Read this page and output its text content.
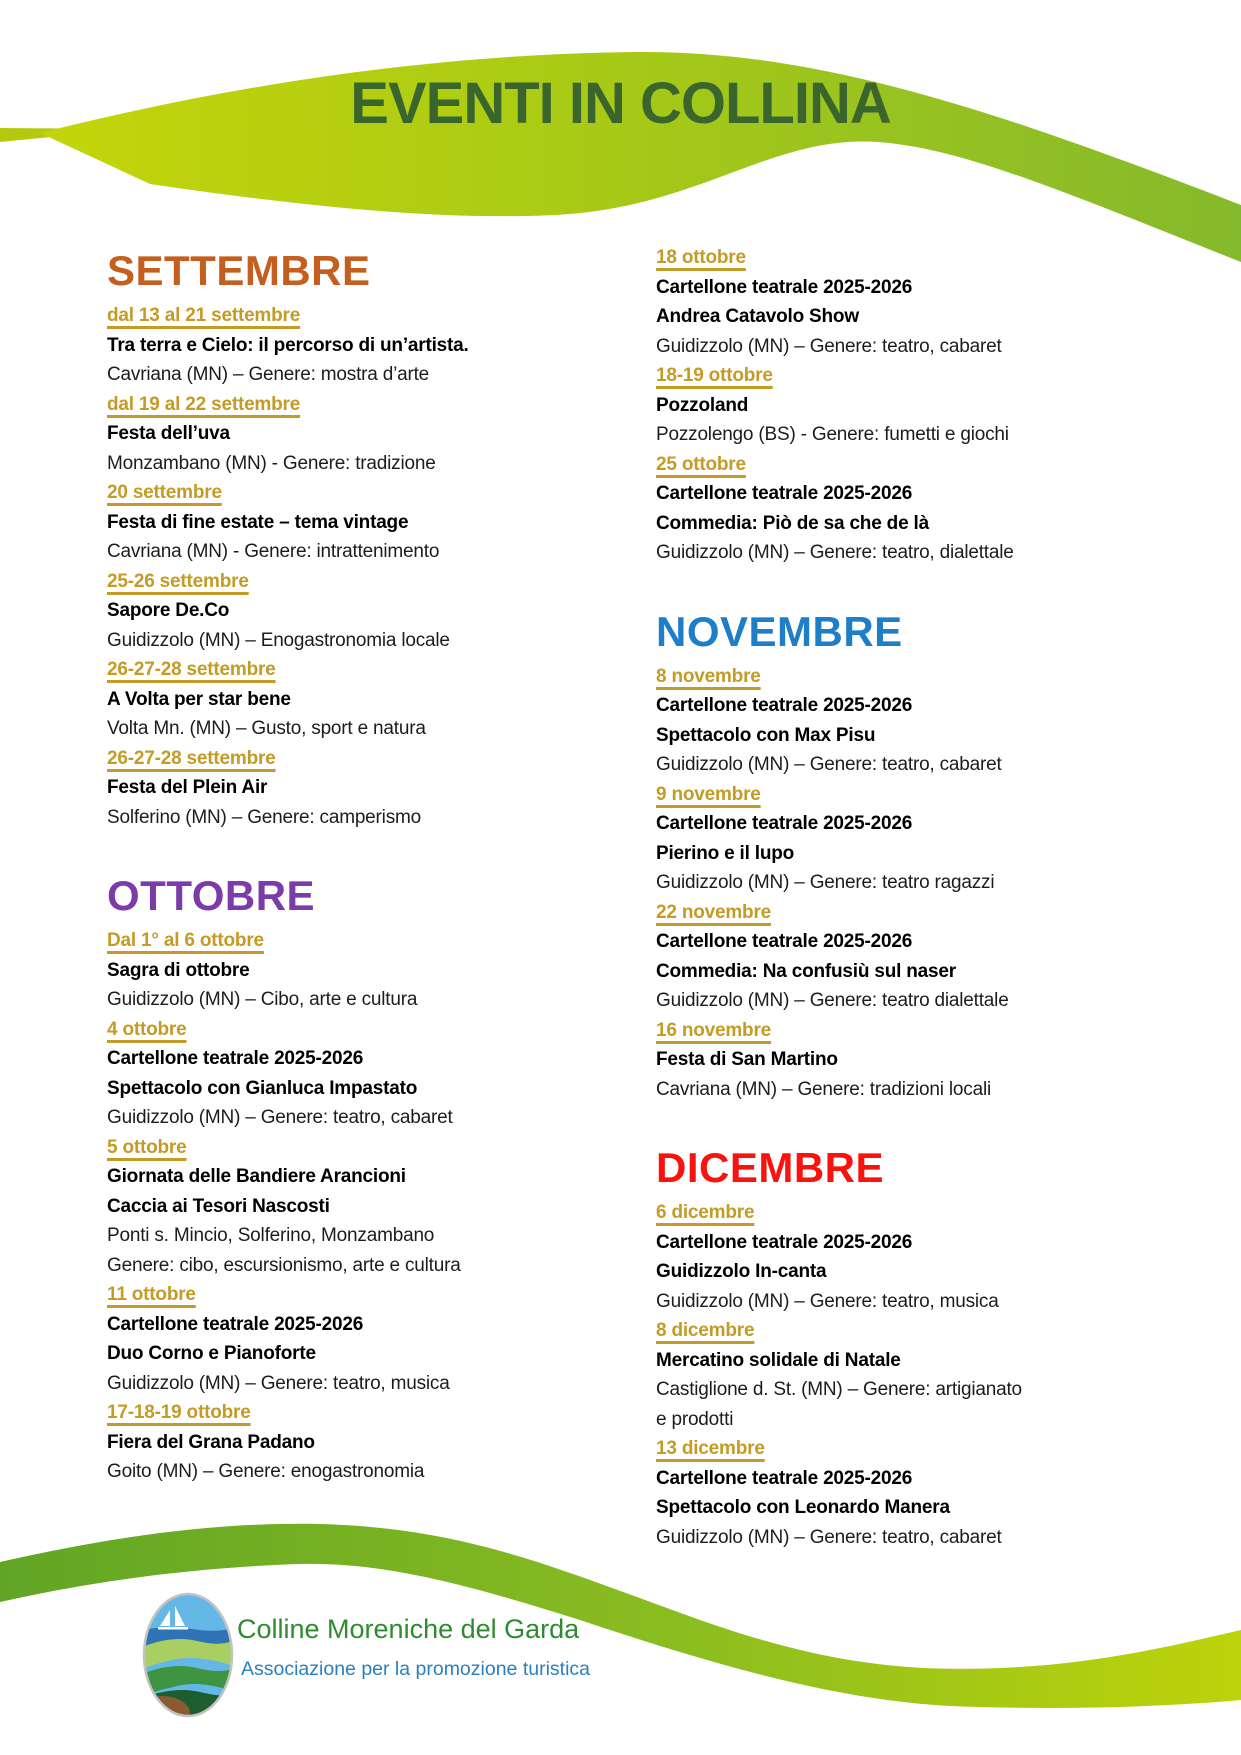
EVENTI IN COLLINA
SETTEMBRE
dal 13 al 21 settembre
Tra terra e Cielo: il percorso di un’artista.
Cavriana (MN) – Genere: mostra d’arte
dal 19 al 22 settembre
Festa dell’uva
Monzambano (MN) - Genere: tradizione
20 settembre
Festa di fine estate – tema vintage
Cavriana (MN) - Genere: intrattenimento
25-26 settembre
Sapore De.Co
Guidizzolo (MN) – Enogastronomia locale
26-27-28 settembre
A Volta per star bene
Volta Mn. (MN) – Gusto, sport e natura
26-27-28 settembre
Festa del Plein Air
Solferino (MN) – Genere: camperismo
OTTOBRE
Dal 1° al 6 ottobre
Sagra di ottobre
Guidizzolo (MN) – Cibo, arte e cultura
4 ottobre
Cartellone teatrale 2025-2026
Spettacolo con Gianluca Impastato
Guidizzolo (MN) – Genere: teatro, cabaret
5 ottobre
Giornata delle Bandiere Arancioni
Caccia ai Tesori Nascosti
Ponti s. Mincio, Solferino, Monzambano
Genere: cibo, escursionismo, arte e cultura
11 ottobre
Cartellone teatrale 2025-2026
Duo Corno e Pianoforte
Guidizzolo (MN) – Genere: teatro, musica
17-18-19 ottobre
Fiera del Grana Padano
Goito (MN) – Genere: enogastronomia
18 ottobre
Cartellone teatrale 2025-2026
Andrea Catavolo Show
Guidizzolo (MN) – Genere: teatro, cabaret
18-19 ottobre
Pozzoland
Pozzolengo (BS) - Genere: fumetti e giochi
25 ottobre
Cartellone teatrale 2025-2026
Commedia: Piò de sa che de là
Guidizzolo (MN) – Genere: teatro, dialettale
NOVEMBRE
8 novembre
Cartellone teatrale 2025-2026
Spettacolo con Max Pisu
Guidizzolo (MN) – Genere: teatro, cabaret
9 novembre
Cartellone teatrale 2025-2026
Pierino e il lupo
Guidizzolo (MN) – Genere: teatro ragazzi
22 novembre
Cartellone teatrale 2025-2026
Commedia: Na confusiù sul naser
Guidizzolo (MN) – Genere: teatro dialettale
16 novembre
Festa di San Martino
Cavriana (MN) – Genere: tradizioni locali
DICEMBRE
6 dicembre
Cartellone teatrale 2025-2026
Guidizzolo In-canta
Guidizzolo (MN) – Genere: teatro, musica
8 dicembre
Mercatino solidale di Natale
Castiglione d. St. (MN) – Genere: artigianato
e prodotti
13 dicembre
Cartellone teatrale 2025-2026
Spettacolo con Leonardo Manera
Guidizzolo (MN) – Genere: teatro, cabaret
Colline Moreniche del Garda
Associazione per la promozione turistica
